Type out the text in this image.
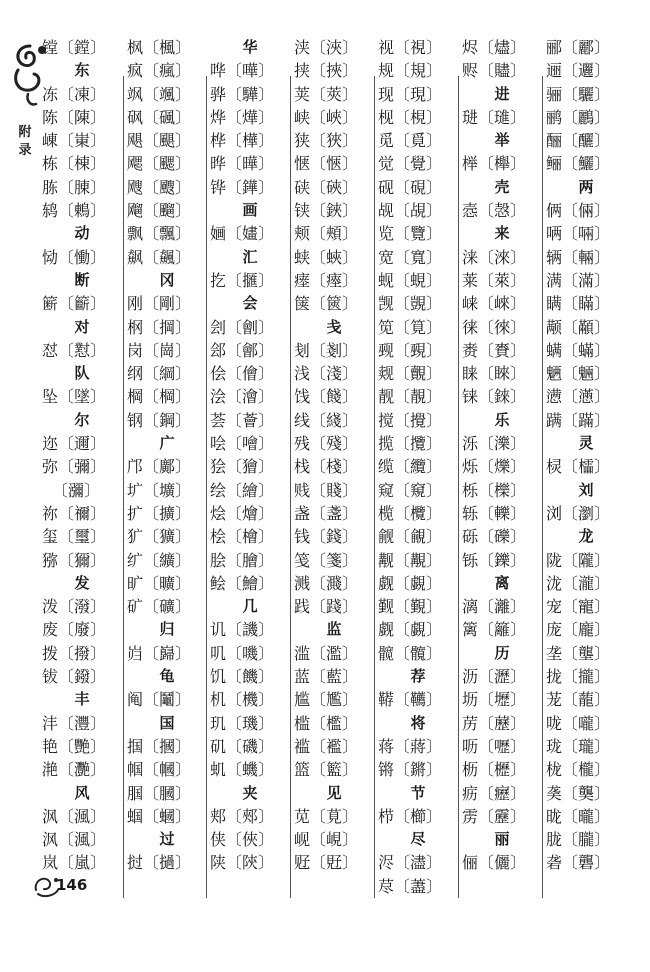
附录
镗〔鏜〕
东
冻〔凍〕
陈〔陳〕
崠〔崬〕
栋〔棟〕
胨〔腖〕
鸫〔鶇〕
动
恸〔慟〕
断
簖〔籪〕
对
怼〔懟〕
队
坠〔墜〕
尔
迩〔邇〕
弥〔彌〕
〔瀰〕
祢〔禰〕
玺〔璽〕
猕〔獮〕
发
泼〔潑〕
废〔廢〕
拨〔撥〕
钹〔鏺〕
丰
沣〔灃〕
艳〔艷〕
滟〔灧〕
风
沨〔渢〕
沨〔渢〕
岚〔嵐〕
枫〔楓〕
疯〔瘋〕
飒〔颯〕
砜〔碸〕
飓〔颶〕
飔〔颸〕
飕〔颼〕
飗〔飀〕
飘〔飄〕
飙〔飆〕
冈
刚〔剛〕
㭎〔掆〕
岗〔崗〕
纲〔綱〕
棡〔棡〕
钢〔鋼〕
广
邝〔鄺〕
圹〔壙〕
扩〔擴〕
犷〔獷〕
纩〔纊〕
旷〔曠〕
矿〔礦〕
归
岿〔巋〕
龟
阄〔鬮〕
国
掴〔摑〕
帼〔幗〕
腘〔膕〕
蝈〔蟈〕
过
挝〔撾〕
华
哗〔嘩〕
骅〔驊〕
烨〔燁〕
桦〔樺〕
晔〔曄〕
铧〔鏵〕
画
婳〔嫿〕
汇
扢〔擓〕
会
刽〔劊〕
郐〔鄶〕
侩〔儈〕
浍〔澮〕
荟〔薈〕
哙〔噲〕
狯〔獪〕
绘〔繪〕
烩〔燴〕
桧〔檜〕
脍〔膾〕
鲙〔鱠〕
几
讥〔譏〕
叽〔嘰〕
饥〔饑〕
机〔機〕
玑〔璣〕
矶〔磯〕
虮〔蟣〕
夹
郏〔郟〕
侠〔俠〕
陕〔陝〕
浃〔浹〕
挟〔挾〕
荚〔莢〕
峡〔峽〕
狭〔狹〕
惬〔愜〕
硖〔硤〕
铗〔鋏〕
颊〔頰〕
蛱〔蛺〕
瘗〔瘞〕
箧〔篋〕
戋
刬〔剗〕
浅〔淺〕
饯〔餞〕
线〔綫〕
残〔殘〕
栈〔棧〕
贱〔賤〕
盏〔盞〕
钱〔錢〕
笺〔箋〕
溅〔濺〕
践〔踐〕
监
滥〔濫〕
蓝〔藍〕
尴〔尷〕
槛〔檻〕
褴〔襤〕
篮〔籃〕
见
苋〔莧〕
岘〔峴〕
觃〔覎〕
视〔視〕
规〔規〕
现〔現〕
枧〔梘〕
觅〔覓〕
觉〔覺〕
砚〔硯〕
觇〔覘〕
览〔覽〕
宽〔寬〕
蚬〔蜆〕
觊〔覬〕
笕〔筧〕
觋〔覡〕
觌〔覿〕
靓〔靚〕
搅〔攪〕
揽〔攬〕
缆〔纜〕
窥〔窺〕
榄〔欖〕
觎〔覦〕
觏〔覯〕
觑〔覷〕
觐〔覲〕
觑〔覷〕
髋〔髖〕
荐
鞯〔韉〕
将
蒋〔蔣〕
锵〔鏘〕
节
栉〔櫛〕
尽
浕〔濜〕
荩〔藎〕
烬〔燼〕
赆〔贐〕
进
琎〔璡〕
举
榉〔櫸〕
壳
悫〔愨〕
来
涞〔淶〕
莱〔萊〕
崃〔崍〕
徕〔徠〕
赉〔賚〕
睐〔睞〕
铼〔錸〕
乐
泺〔濼〕
烁〔爍〕
栎〔櫟〕
轹〔轢〕
砾〔礫〕
铄〔鑠〕
离
漓〔灕〕
篱〔籬〕
历
沥〔瀝〕
坜〔壢〕
苈〔藶〕
呖〔嚦〕
枥〔櫪〕
疬〔癧〕
雳〔靂〕
丽
俪〔儷〕
郦〔酈〕
逦〔邐〕
骊〔驪〕
鹂〔鸝〕
酾〔釃〕
鲡〔鱺〕
两
俩〔倆〕
唡〔啢〕
辆〔輛〕
满〔滿〕
瞒〔瞞〕
颟〔顢〕
螨〔蟎〕
魉〔魎〕
懑〔懣〕
蹒〔蹣〕
灵
棂〔櫺〕
刘
浏〔瀏〕
龙
陇〔隴〕
泷〔瀧〕
宠〔寵〕
庞〔龐〕
垄〔壟〕
拢〔攏〕
茏〔蘢〕
咙〔嚨〕
珑〔瓏〕
栊〔櫳〕
䶮〔龑〕
昽〔曨〕
胧〔朧〕
砻〔礱〕
146
